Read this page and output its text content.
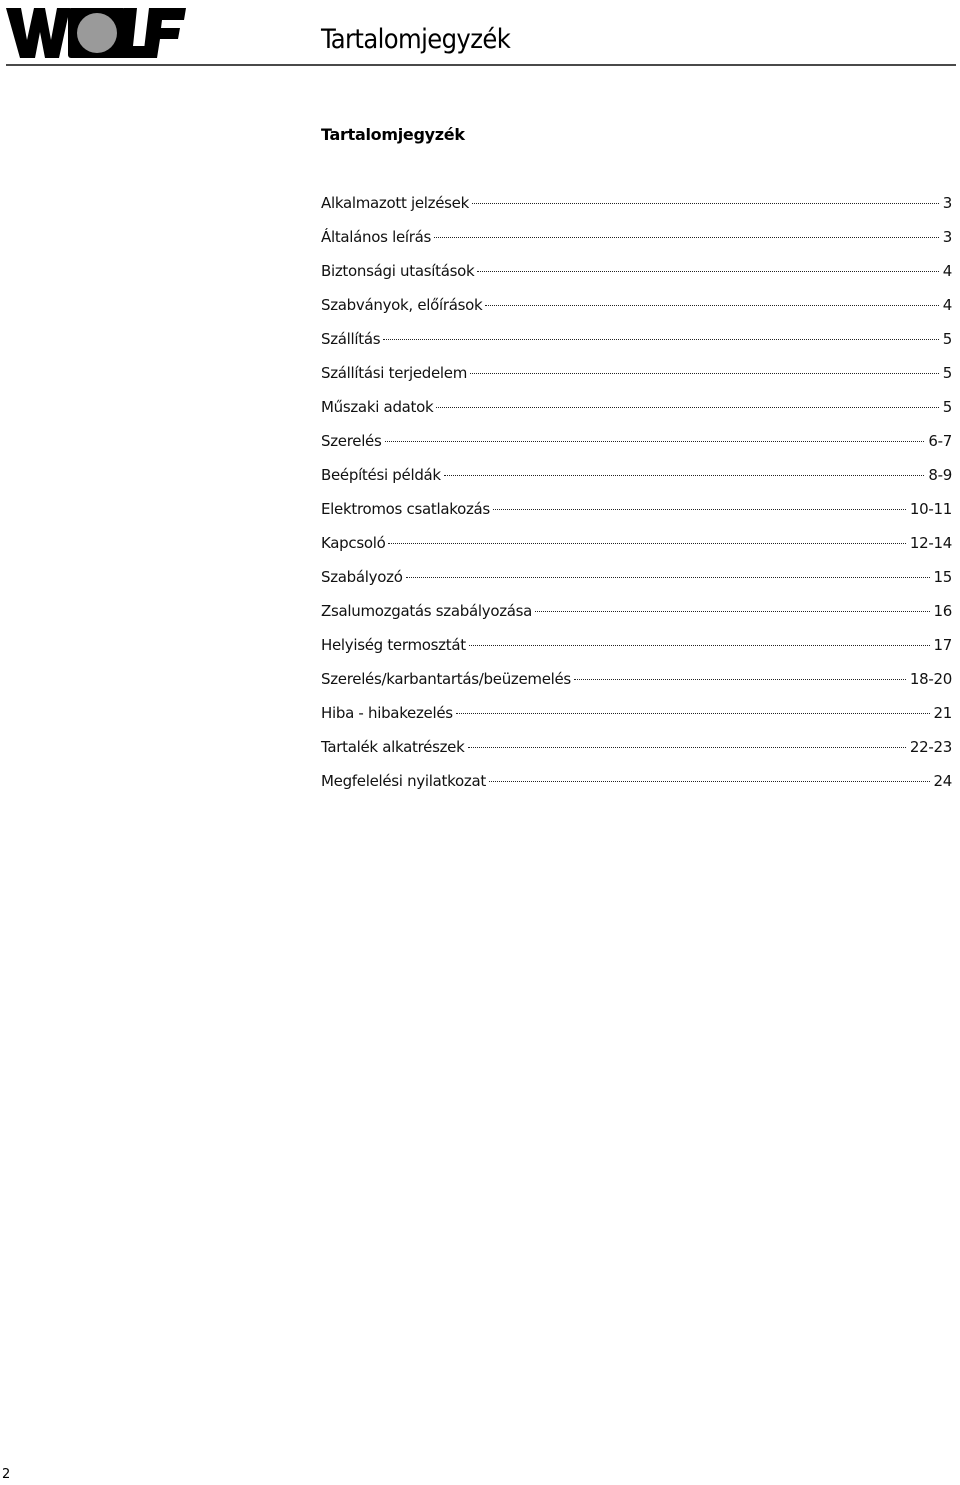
Tartalomjegyzék
Tartalomjegyzék
Alkalmazott jelzések	3
Általános leírás	3
Biztonsági utasítások	4
Szabványok, előírások	4
Szállítás	5
Szállítási terjedelem	5
Műszaki adatok	5
Szerelés	6-7
Beépítési példák	8-9
Elektromos csatlakozás	10-11
Kapcsoló	12-14
Szabályozó	15
Zsalumozgatás szabályozása	16
Helyiség termosztát	17
Szerelés/karbantartás/beüzemelés	18-20
Hiba - hibakezelés	21
Tartalék alkatrészek	22-23
Megfelelési nyilatkozat	24
2
